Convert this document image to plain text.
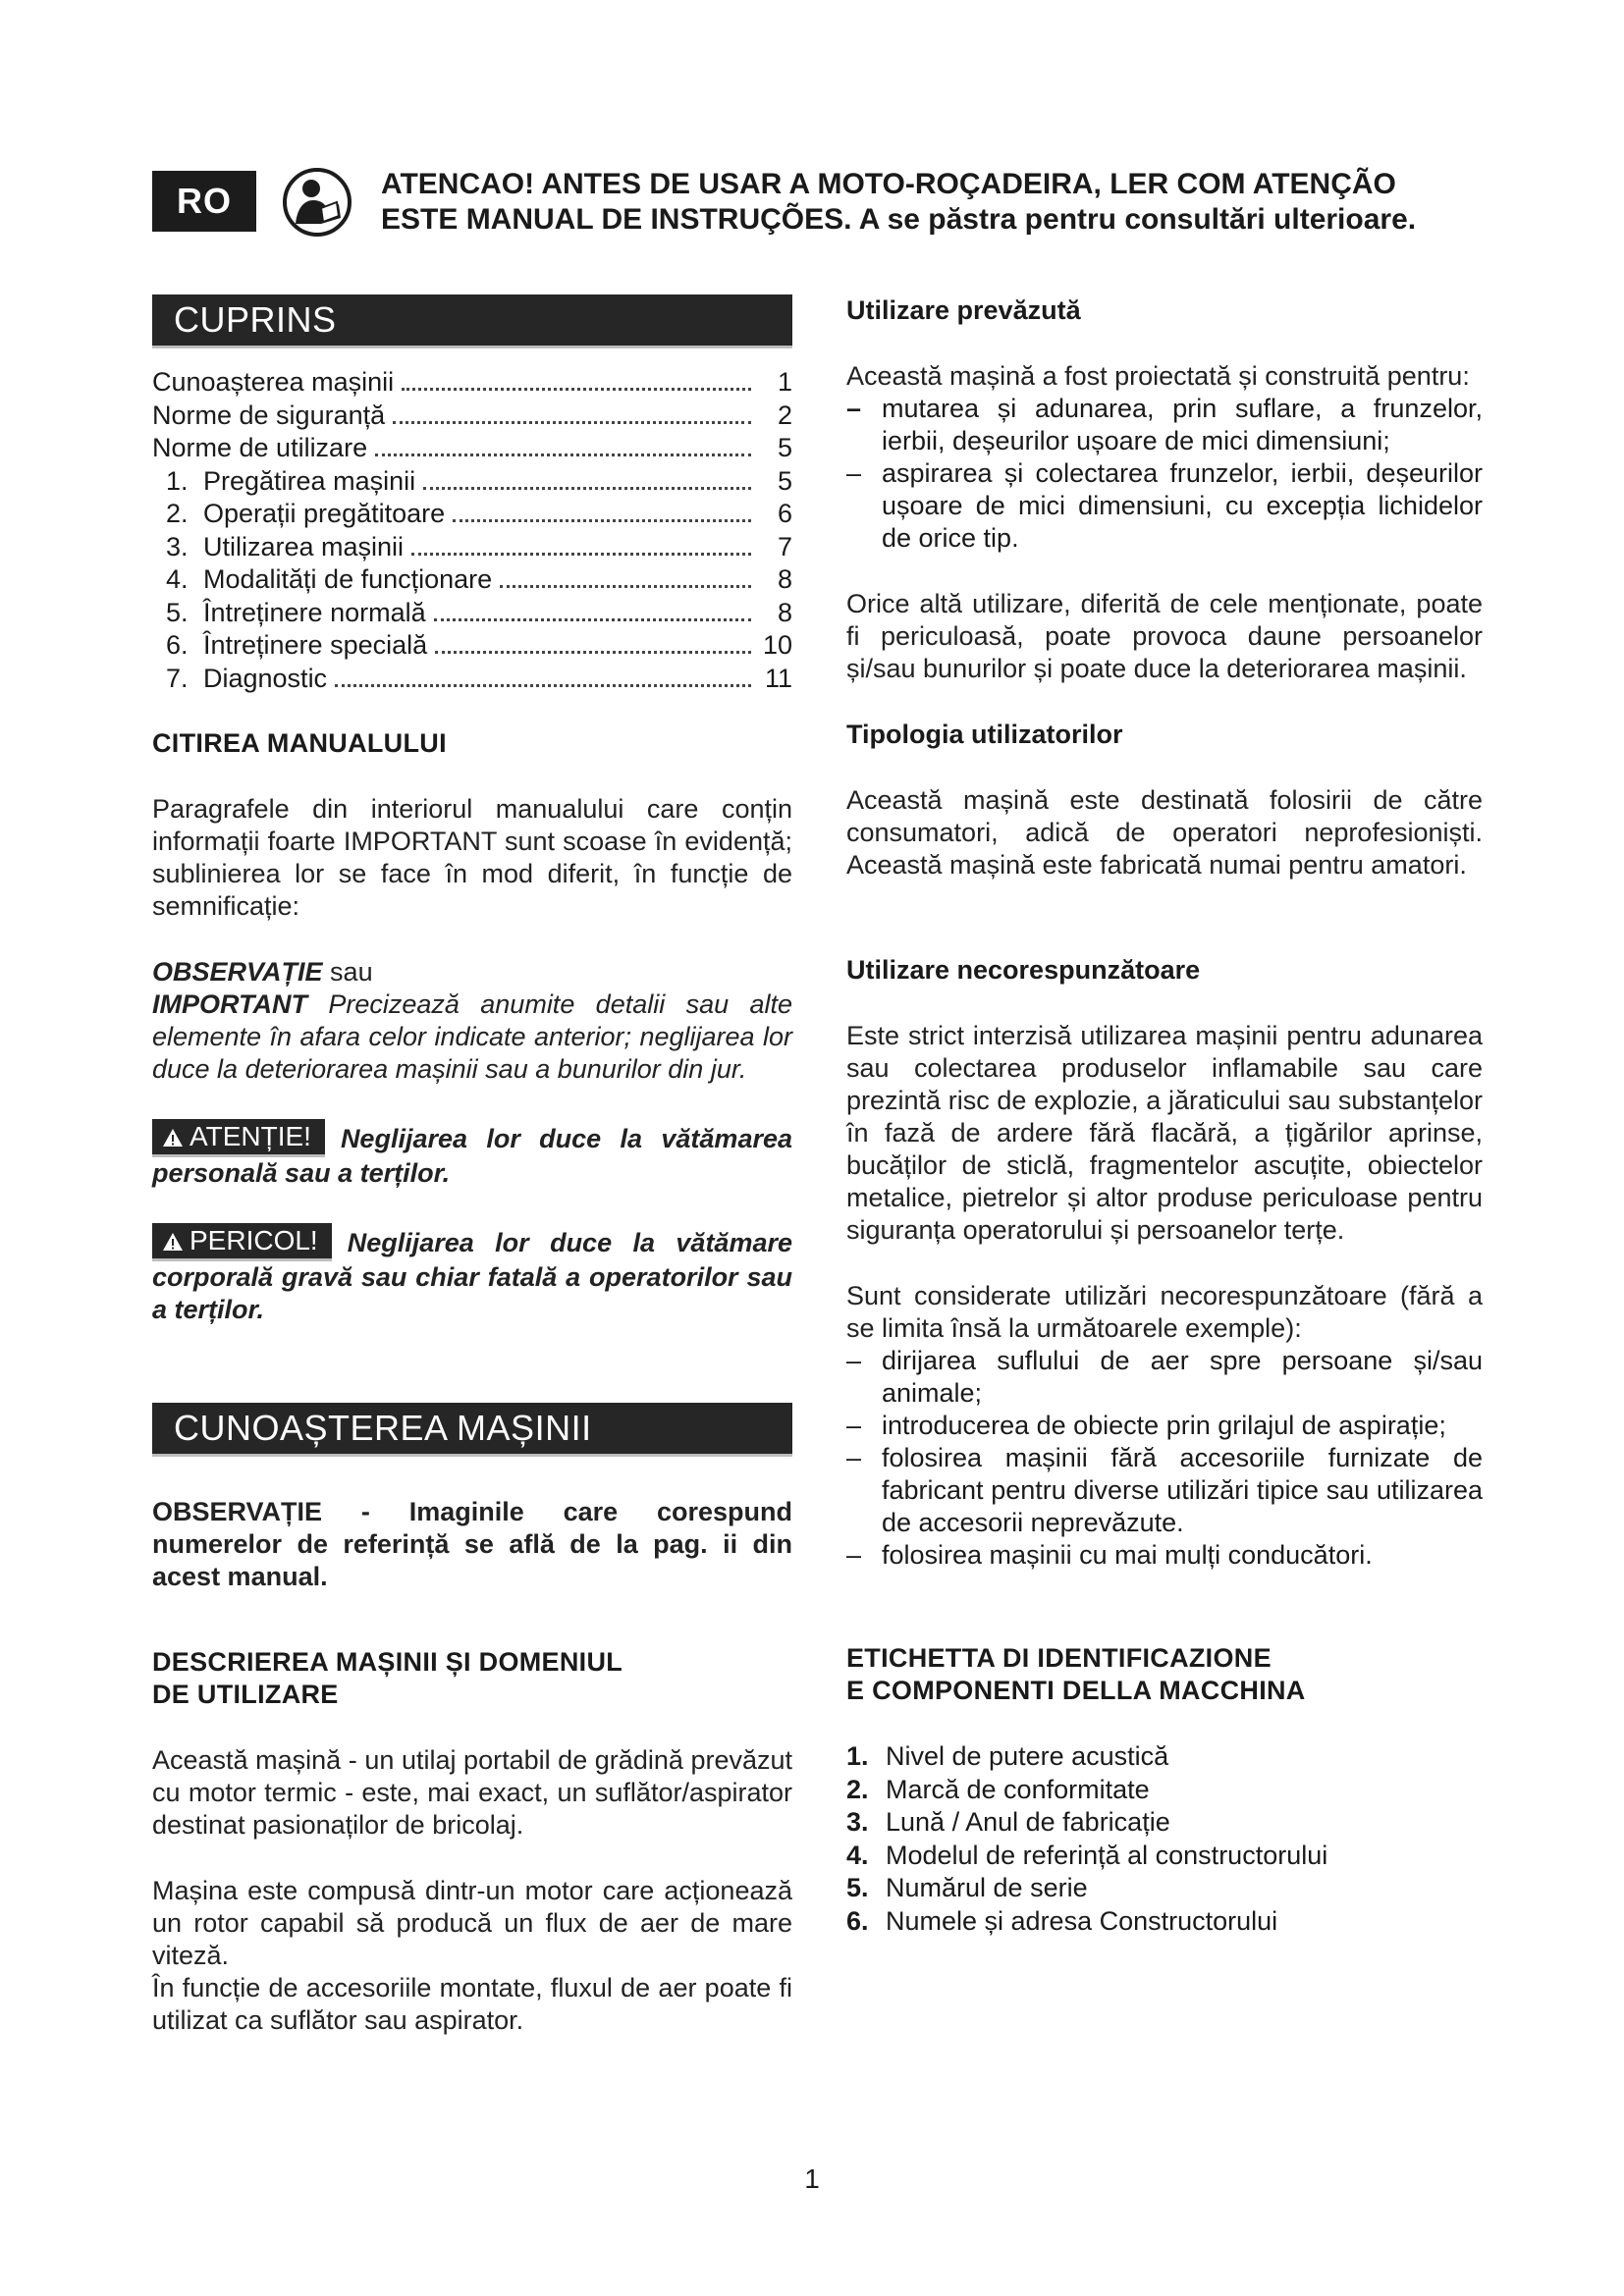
RO	ATENCAO! ANTES DE USAR A MOTO-ROÇADEIRA, LER COM ATENÇÃO
ESTE MANUAL DE INSTRUÇÕES. A se păstra pentru consultări ulterioare.
CUPRINS
Cunoașterea mașinii	1
Norme de siguranță	2
Norme de utilizare	5
1. Pregătirea mașinii	5
2. Operații pregătitoare	6
3. Utilizarea mașinii	7
4. Modalități de funcționare	8
5. Întreținere normală	8
6. Întreținere specială	10
7. Diagnostic	11

CITIREA MANUALULUI

Paragrafele din interiorul manualului care conțin informații foarte IMPORTANT sunt scoase în evidență; sublinierea lor se face în mod diferit, în funcție de semnificație:

OBSERVAȚIE sau
IMPORTANT Precizează anumite detalii sau alte elemente în afara celor indicate anterior; neglijarea lor duce la deteriorarea mașinii sau a bunurilor din jur.

ATENȚIE! Neglijarea lor duce la vătămarea personală sau a terților.

PERICOL! Neglijarea lor duce la vătămare corporală gravă sau chiar fatală a operatorilor sau a terților.

CUNOAȘTEREA MAȘINII

OBSERVAȚIE - Imaginile care corespund numerelor de referință se află de la pag. ii din acest manual.

DESCRIEREA MAȘINII ȘI DOMENIUL

DE UTILIZARE

Această mașină - un utilaj portabil de grădină prevăzut cu motor termic - este, mai exact, un suflător/aspirator destinat pasionaților de bricolaj.

Mașina este compusă dintr-un motor care acționează un rotor capabil să producă un flux de aer de mare viteză.

În funcție de accesoriile montate, fluxul de aer poate fi utilizat ca suflător sau aspirator.

Utilizare prevăzută

Această mașină a fost proiectată și construită pentru:

– mutarea și adunarea, prin suflare, a frunzelor, ierbii, deșeurilor ușoare de mici dimensiuni;
– aspirarea și colectarea frunzelor, ierbii, deșeurilor ușoare de mici dimensiuni, cu excepția lichidelor de orice tip.

Orice altă utilizare, diferită de cele menționate, poate fi periculoasă, poate provoca daune persoanelor și/sau bunurilor și poate duce la deteriorarea mașinii.

Tipologia utilizatorilor

Această mașină este destinată folosirii de către consumatori, adică de operatori neprofesioniști. Această mașină este fabricată numai pentru amatori.

Utilizare necorespunzătoare

Este strict interzisă utilizarea mașinii pentru adunarea sau colectarea produselor inflamabile sau care prezintă risc de explozie, a jăraticului sau substanțelor în fază de ardere fără flacără, a țigărilor aprinse, bucăților de sticlă, fragmentelor ascuțite, obiectelor metalice, pietrelor și altor produse periculoase pentru siguranța operatorului și persoanelor terțe.

Sunt considerate utilizări necorespunzătoare (fără a se limita însă la următoarele exemple):

– dirijarea suflului de aer spre persoane și/sau animale;
– introducerea de obiecte prin grilajul de aspirație;
– folosirea mașinii fără accesoriile furnizate de fabricant pentru diverse utilizări tipice sau utilizarea de accesorii neprevăzute.
– folosirea mașinii cu mai mulți conducători.

ETICHETTA DI IDENTIFICAZIONE

E COMPONENTI DELLA MACCHINA

1. Nivel de putere acustică
2. Marcă de conformitate
3. Lună / Anul de fabricație
4. Modelul de referință al constructorului
5. Numărul de serie
6. Numele și adresa Constructorului
1
